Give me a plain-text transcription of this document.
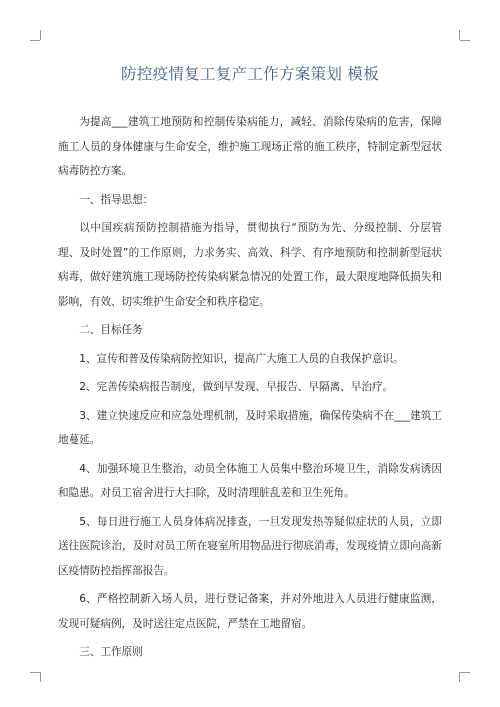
防控疫情复工复产工作方案策划 模板

为提高___建筑工地预防和控制传染病能力，减轻、消除传染病的危害，保障施工人员的身体健康与生命安全，维护施工现场正常的施工秩序，特制定新型冠状病毒防控方案。

一、指导思想：

以中国疾病预防控制措施为指导，贯彻执行“预防为先、分级控制、分层管理、及时处置”的工作原则，力求务实、高效、科学、有序地预防和控制新型冠状病毒，做好建筑施工现场防控传染病紧急情况的处置工作，最大限度地降低损失和影响，有效、切实维护生命安全和秩序稳定。

二、目标任务

1、宣传和普及传染病防控知识，提高广大施工人员的自我保护意识。

2、完善传染病报告制度，做到早发现、早报告、早隔离、早治疗。

3、建立快速反应和应急处理机制，及时采取措施，确保传染病不在___建筑工地蔓延。

4、加强环境卫生整治，动员全体施工人员集中整治环境卫生，消除发病诱因和隐患。对员工宿舍进行大扫除，及时清理脏乱差和卫生死角。

5、每日进行施工人员身体病况排查，一旦发现发热等疑似症状的人员，立即送往医院诊治，及时对员工所在寝室所用物品进行彻底消毒，发现疫情立即向高新区疫情防控指挥部报告。

6、严格控制新入场人员，进行登记备案，并对外地进入人员进行健康监测，发现可疑病例，及时送往定点医院，严禁在工地留宿。

三、工作原则
